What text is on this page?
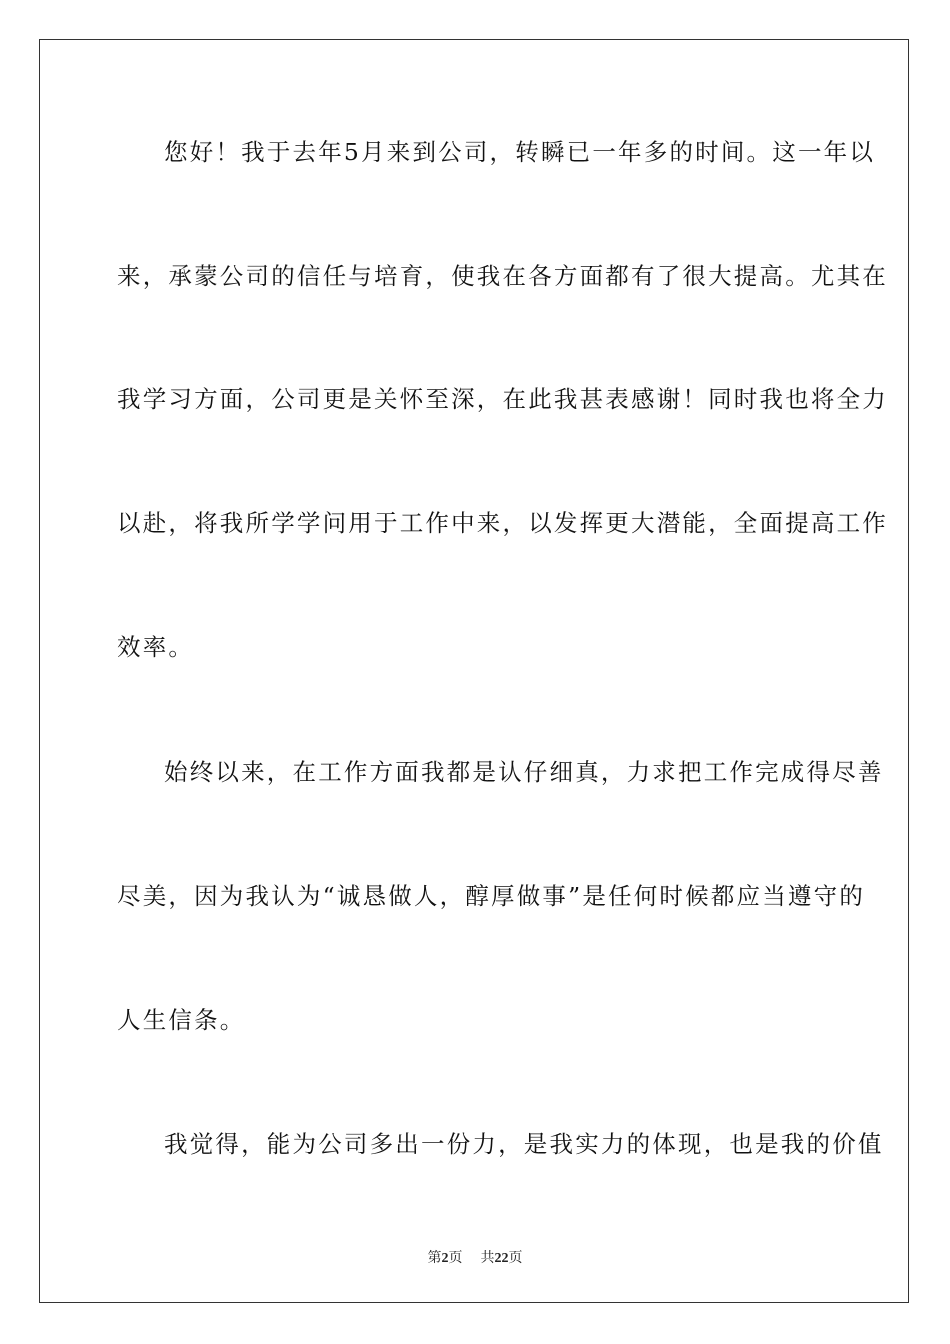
您好！我于去年5月来到公司，转瞬已一年多的时间。这一年以
来，承蒙公司的信任与培育，使我在各方面都有了很大提高。尤其在
我学习方面，公司更是关怀至深，在此我甚表感谢！同时我也将全力
以赴，将我所学学问用于工作中来，以发挥更大潜能，全面提高工作
效率。
始终以来，在工作方面我都是认仔细真，力求把工作完成得尽善
尽美，因为我认为“诚恳做人，醇厚做事”是任何时候都应当遵守的
人生信条。
我觉得，能为公司多出一份力，是我实力的体现，也是我的价值
第2页 共22页
